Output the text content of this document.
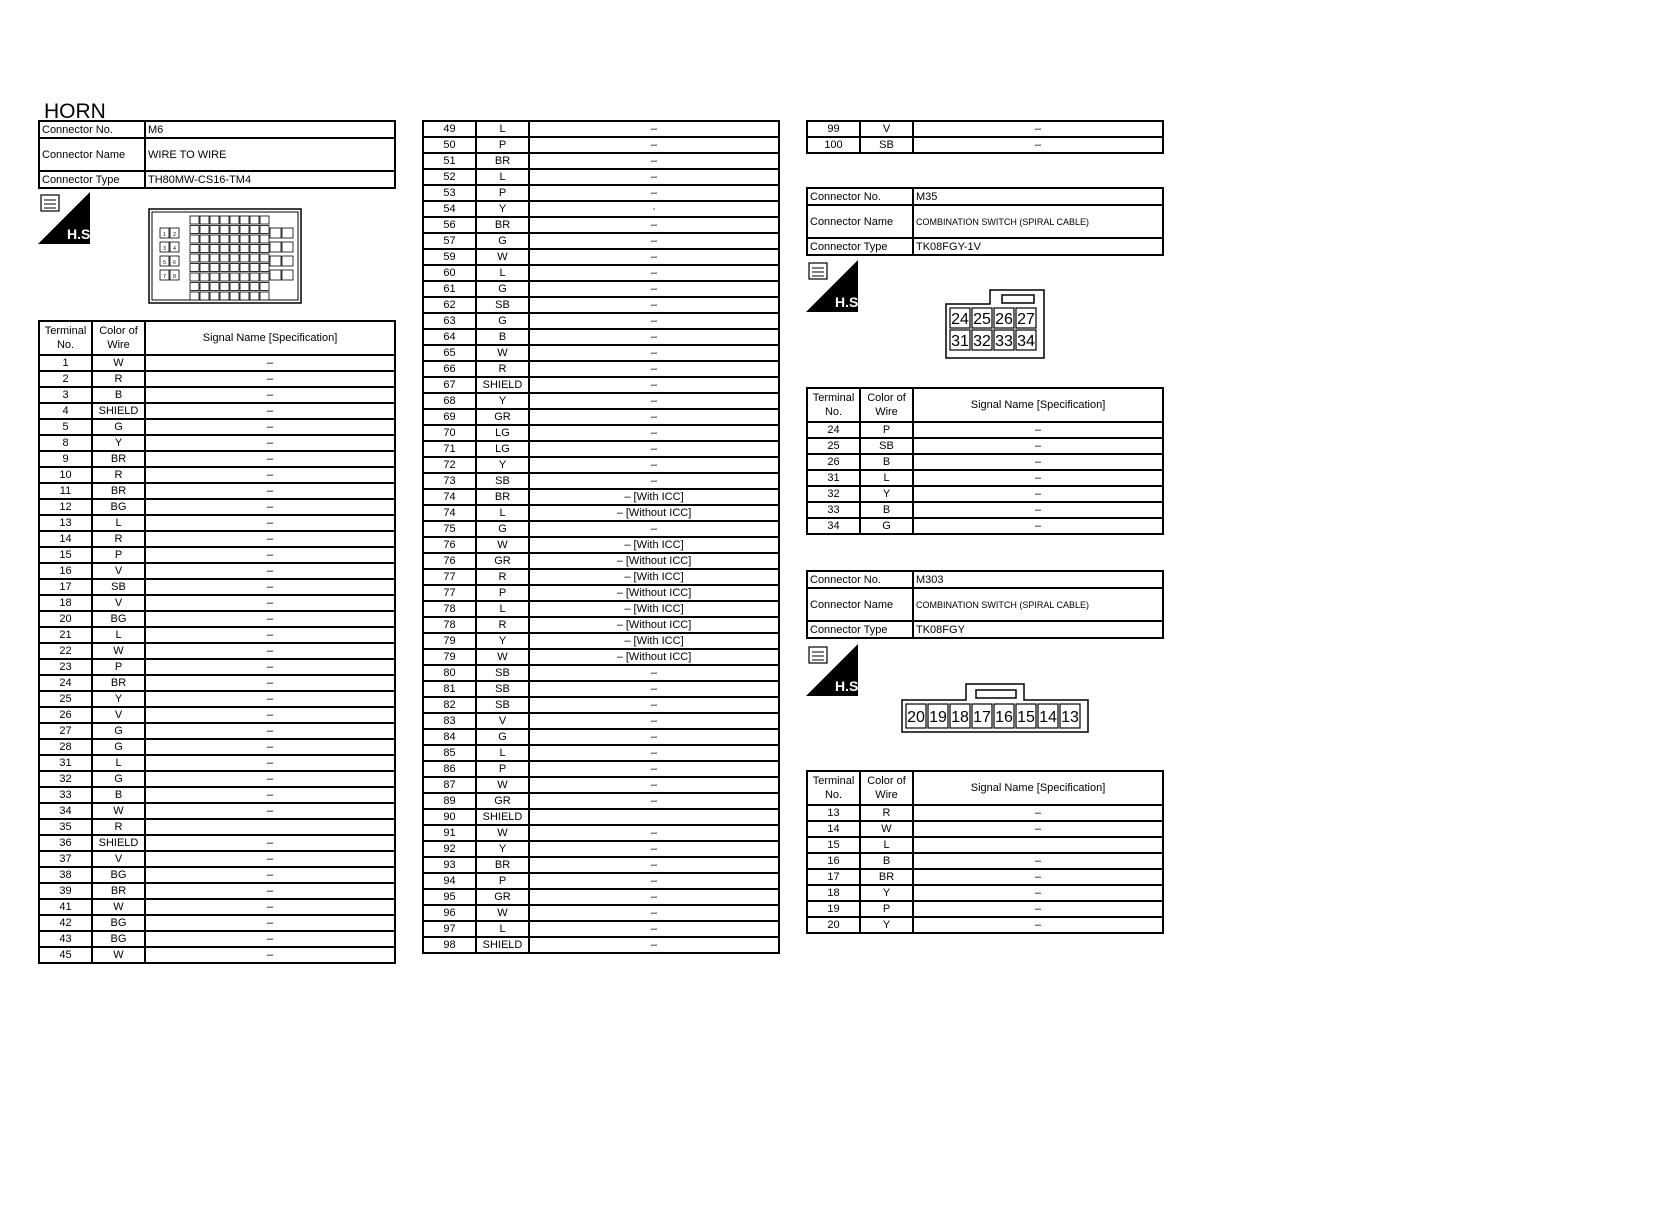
HORN
Connector No.	M6
Connector Name	WIRE TO WIRE
Connector Type	TH80MW-CS16-TM4
H.S.	1 2
3 4
5 6
7 8
Terminal No.	Color of Wire	Signal Name [Specification]
1	W	–
2	R	–
3	B	–
4	SHIELD	–
5	G	–
8	Y	–
9	BR	–
10	R	–
11	BR	–
12	BG	–
13	L	–
14	R	–
15	P	–
16	V	–
17	SB	–
18	V	–
20	BG	–
21	L	–
22	W	–
23	P	–
24	BR	–
25	Y	–
26	V	–
27	G	–
28	G	–
31	L	–
32	G	–
33	B	–
34	W	–
35	R	
36	SHIELD	–
37	V	–
38	BG	–
39	BR	–
41	W	–
42	BG	–
43	BG	–
45	W	–
49	L	–
50	P	–
51	BR	–
52	L	–
53	P	–
54	Y	·
56	BR	–
57	G	–
59	W	–
60	L	–
61	G	–
62	SB	–
63	G	–
64	B	–
65	W	–
66	R	–
67	SHIELD	–
68	Y	–
69	GR	–
70	LG	–
71	LG	–
72	Y	–
73	SB	–
74	BR	– [With ICC]
74	L	– [Without ICC]
75	G	–
76	W	– [With ICC]
76	GR	– [Without ICC]
77	R	– [With ICC]
77	P	– [Without ICC]
78	L	– [With ICC]
78	R	– [Without ICC]
79	Y	– [With ICC]
79	W	– [Without ICC]
80	SB	–
81	SB	–
82	SB	–
83	V	–
84	G	–
85	L	–
86	P	–
87	W	–
89	GR	–
90	SHIELD	
91	W	–
92	Y	–
93	BR	–
94	P	–
95	GR	–
96	W	–
97	L	–
98	SHIELD	–
99	V	–
100	SB	–
Connector No.	M35
Connector Name	COMBINATION SWITCH (SPIRAL CABLE)
Connector Type	TK08FGY-1V
H.S.
24 25 26 27
31 32 33 34
Terminal No.	Color of Wire	Signal Name [Specification]
24	P	–
25	SB	–
26	B	–
31	L	–
32	Y	–
33	B	–
34	G	–
Connector No.	M303
Connector Name	COMBINATION SWITCH (SPIRAL CABLE)
Connector Type	TK08FGY
H.S.
20 19 18 17 16 15 14 13
Terminal No.	Color of Wire	Signal Name [Specification]
13	R	–
14	W	–
15	L	
16	B	–
17	BR	–
18	Y	–
19	P	–
20	Y	–
